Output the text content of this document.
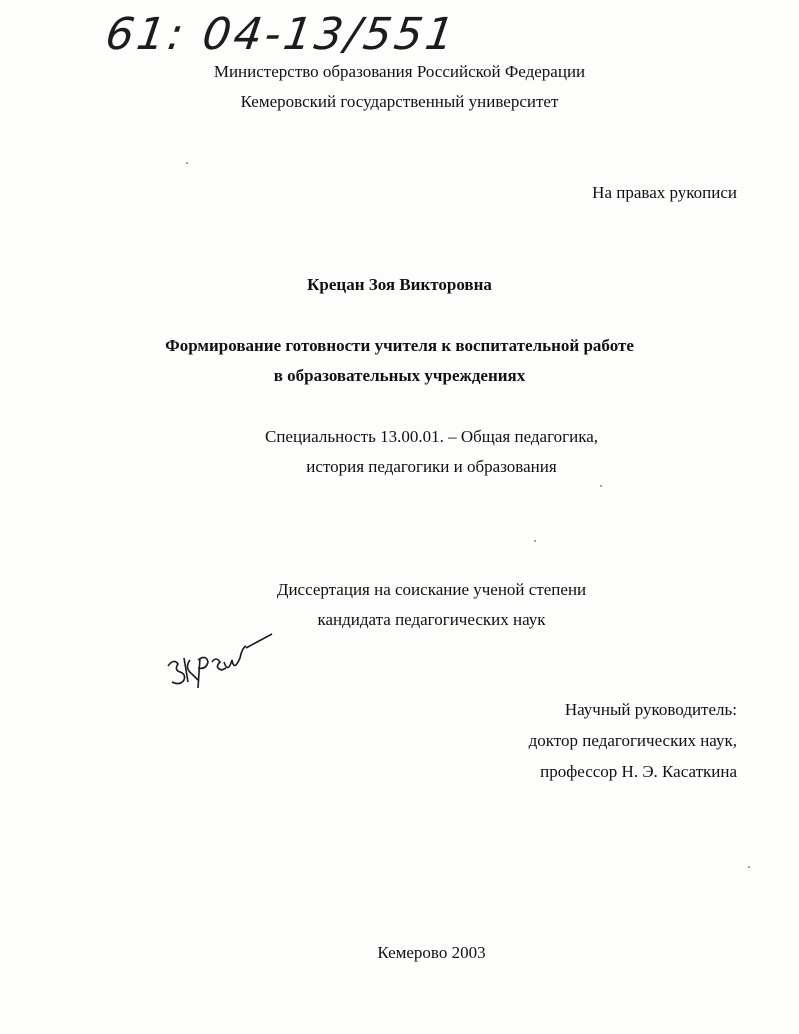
61: 04-13/551
Министерство образования Российской Федерации
Кемеровский государственный университет
На правах рукописи
Крецан Зоя Викторовна
Формирование готовности учителя к воспитательной работе
в образовательных учреждениях
Специальность 13.00.01. – Общая педагогика,
история педагогики и образования
Диссертация на соискание ученой степени
кандидата педагогических наук
Научный руководитель:
доктор педагогических наук,
профессор Н. Э. Касаткина
Кемерово 2003
